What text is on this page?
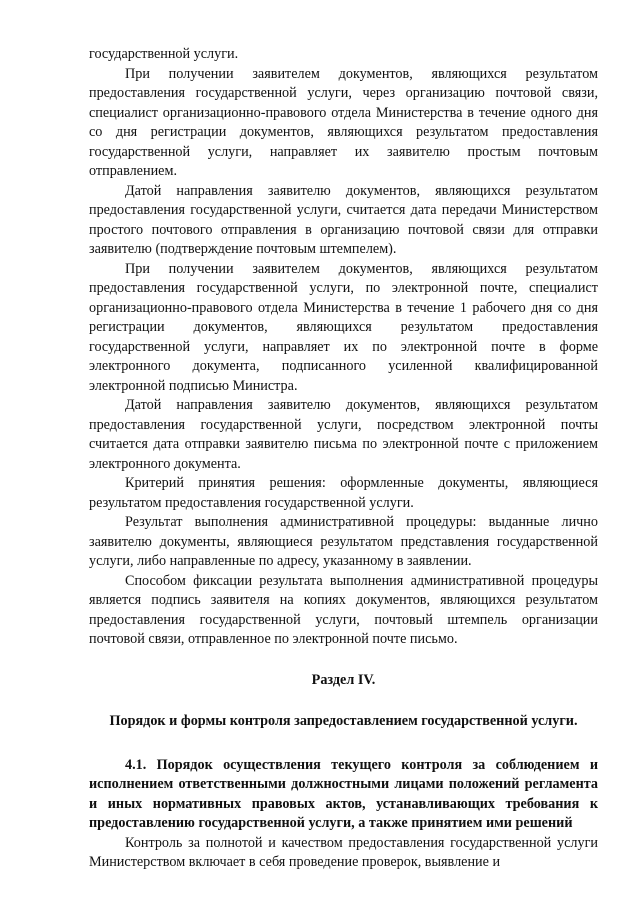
государственной услуги.

При получении заявителем документов, являющихся результатом предоставления государственной услуги, через организацию почтовой связи, специалист организационно-правового отдела Министерства в течение одного дня со дня регистрации документов, являющихся результатом предоставления государственной услуги, направляет их заявителю простым почтовым отправлением.

Датой направления заявителю документов, являющихся результатом предоставления государственной услуги, считается дата передачи Министерством простого почтового отправления в организацию почтовой связи для отправки заявителю (подтверждение почтовым штемпелем).

При получении заявителем документов, являющихся результатом предоставления государственной услуги, по электронной почте, специалист организационно-правового отдела Министерства в течение 1 рабочего дня со дня регистрации документов, являющихся результатом предоставления государственной услуги, направляет их по электронной почте в форме электронного документа, подписанного усиленной квалифицированной электронной подписью Министра.

Датой направления заявителю документов, являющихся результатом предоставления государственной услуги, посредством электронной почты считается дата отправки заявителю письма по электронной почте с приложением электронного документа.

Критерий принятия решения: оформленные документы, являющиеся результатом предоставления государственной услуги.

Результат выполнения административной процедуры: выданные лично заявителю документы, являющиеся результатом представления государственной услуги, либо направленные по адресу, указанному в заявлении.

Способом фиксации результата выполнения административной процедуры является подпись заявителя на копиях документов, являющихся результатом предоставления государственной услуги, почтовый штемпель организации почтовой связи, отправленное по электронной почте письмо.

Раздел IV.
Порядок и формы контроля запредоставлением государственной услуги.
4.1. Порядок осуществления текущего контроля за соблюдением и исполнением ответственными должностными лицами положений регламента и иных нормативных правовых актов, устанавливающих требования к предоставлению государственной услуги, а также принятием ими решений

Контроль за полнотой и качеством предоставления государственной услуги Министерством включает в себя проведение проверок, выявление и
